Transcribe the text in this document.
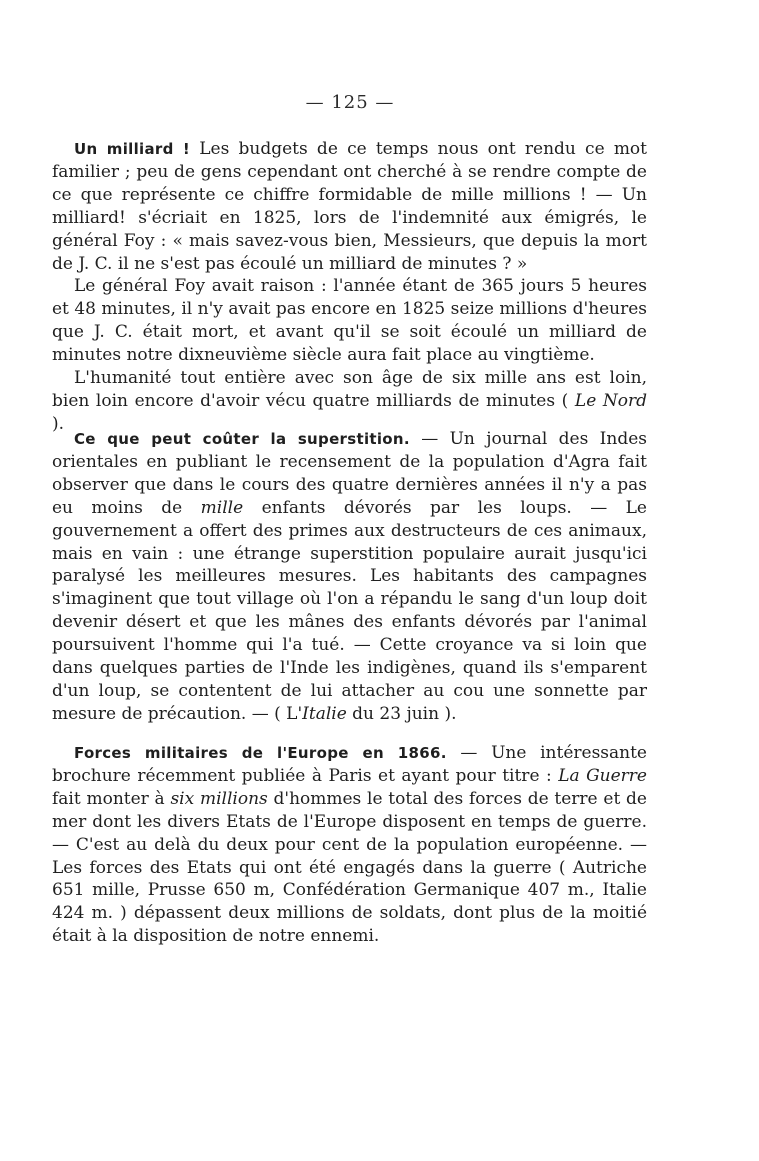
— 125 —

Un milliard ! Les budgets de ce temps nous ont rendu ce mot familier ; peu de gens cependant ont cherché à se rendre compte de ce que représente ce chiffre formidable de mille millions ! — Un milliard! s'écriait en 1825, lors de l'indemnité aux émigrés, le général Foy : « mais savez-vous bien, Messieurs, que depuis la mort de J. C. il ne s'est pas écoulé un milliard de minutes ? »

Le général Foy avait raison : l'année étant de 365 jours 5 heures et 48 minutes, il n'y avait pas encore en 1825 seize millions d'heures que J. C. était mort, et avant qu'il se soit écoulé un milliard de minutes notre dixneuvième siècle aura fait place au vingtième.

L'humanité tout entière avec son âge de six mille ans est loin, bien loin encore d'avoir vécu quatre milliards de minutes ( Le Nord ).

Ce que peut coûter la superstition. — Un journal des Indes orientales en publiant le recensement de la population d'Agra fait observer que dans le cours des quatre dernières années il n'y a pas eu moins de mille enfants dévorés par les loups. — Le gouvernement a offert des primes aux destructeurs de ces animaux, mais en vain : une étrange superstition populaire aurait jusqu'ici paralysé les meilleures mesures. Les habitants des campagnes s'imaginent que tout village où l'on a répandu le sang d'un loup doit devenir désert et que les mânes des enfants dévorés par l'animal poursuivent l'homme qui l'a tué. — Cette croyance va si loin que dans quelques parties de l'Inde les indigènes, quand ils s'emparent d'un loup, se contentent de lui attacher au cou une sonnette par mesure de précaution. — ( L'Italie du 23 juin ).

Forces militaires de l'Europe en 1866. — Une intéressante brochure récemment publiée à Paris et ayant pour titre : La Guerre fait monter à six millions d'hommes le total des forces de terre et de mer dont les divers Etats de l'Europe disposent en temps de guerre. — C'est au delà du deux pour cent de la population européenne. — Les forces des Etats qui ont été engagés dans la guerre ( Autriche 651 mille, Prusse 650 m, Confédération Germanique 407 m., Italie 424 m. ) dépassent deux millions de soldats, dont plus de la moitié était à la disposition de notre ennemi.
